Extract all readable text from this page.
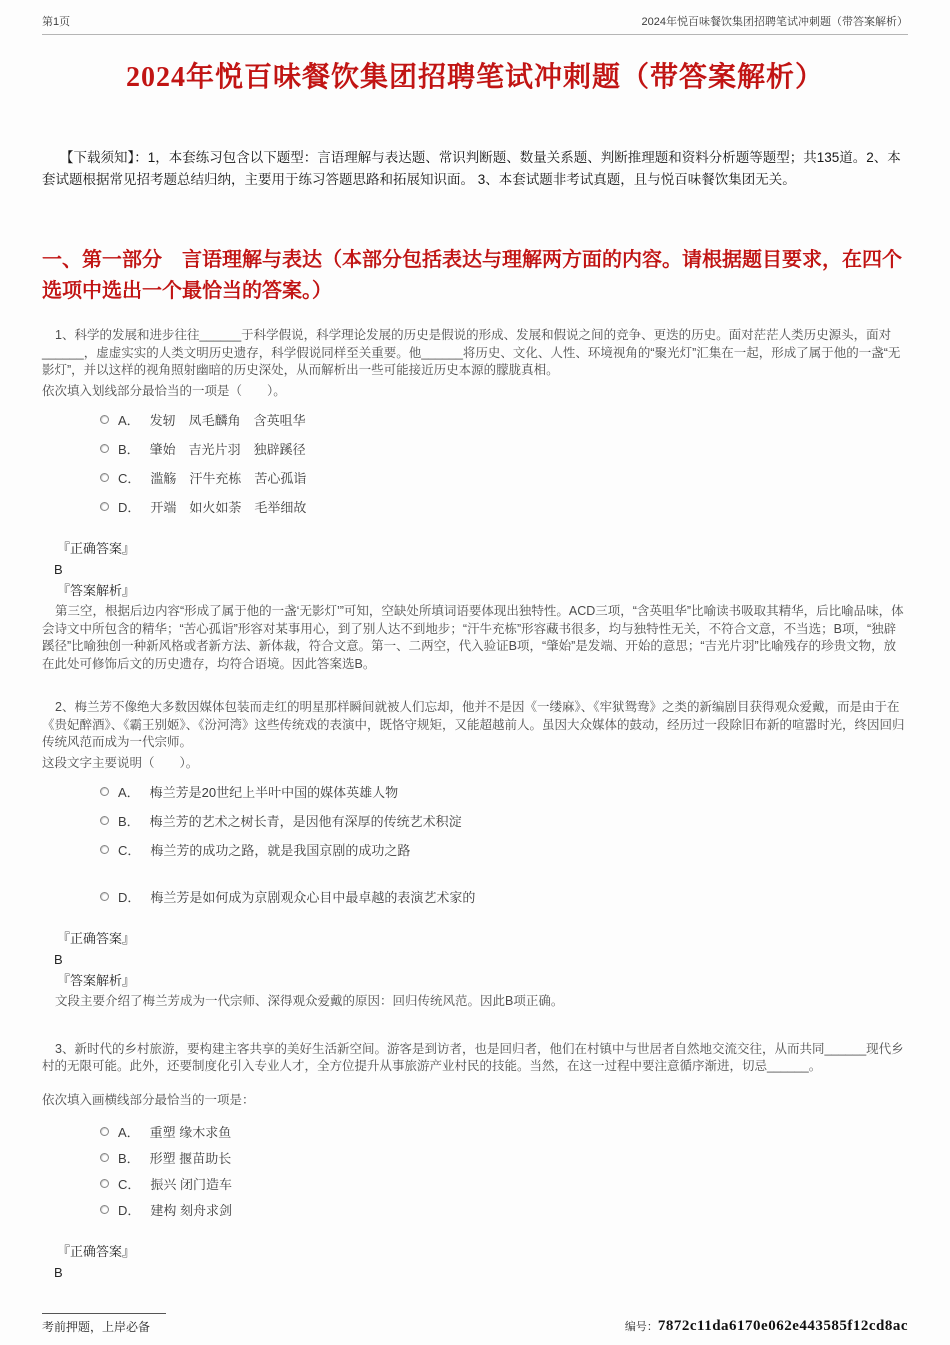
第1页	2024年悦百味餐饮集团招聘笔试冲刺题（带答案解析）
2024年悦百味餐饮集团招聘笔试冲刺题（带答案解析）

【下载须知】：1，本套练习包含以下题型：言语理解与表达题、常识判断题、数量关系题、判断推理题和资料分析题等题型；共135道。2、本套试题根据常见招考题总结归纳，主要用于练习答题思路和拓展知识面。 3、本套试题非考试真题，且与悦百味餐饮集团无关。

一、第一部分　言语理解与表达（本部分包括表达与理解两方面的内容。请根据题目要求，在四个选项中选出一个最恰当的答案。）

1、科学的发展和进步往往______于科学假说，科学理论发展的历史是假说的形成、发展和假说之间的竞争、更迭的历史。面对茫茫人类历史源头，面对______，虚虚实实的人类文明历史遗存，科学假说同样至关重要。他______将历史、文化、人性、环境视角的“聚光灯”汇集在一起，形成了属于他的一盏“无影灯”，并以这样的视角照射幽暗的历史深处，从而解析出一些可能接近历史本源的朦胧真相。

依次填入划线部分最恰当的一项是（　　）。

A． 发轫　凤毛麟角　含英咀华
B． 肇始　吉光片羽　独辟蹊径
C． 滥觞　汗牛充栋　苦心孤诣
D． 开端　如火如荼　毛举细故

『正确答案』

B

『答案解析』

第三空，根据后边内容“形成了属于他的一盏‘无影灯’”可知，空缺处所填词语要体现出独特性。ACD三项，“含英咀华”比喻读书吸取其精华，后比喻品味，体会诗文中所包含的精华；“苦心孤诣”形容对某事用心，到了别人达不到地步；“汗牛充栋”形容藏书很多，均与独特性无关，不符合文意，不当选；B项，“独辟蹊径”比喻独创一种新风格或者新方法、新体裁，符合文意。第一、二两空，代入验证B项，“肇始”是发端、开始的意思；“吉光片羽”比喻残存的珍贵文物，放在此处可修饰后文的历史遗存，均符合语境。因此答案选B。

2、梅兰芳不像绝大多数因媒体包装而走红的明星那样瞬间就被人们忘却，他并不是因《一缕麻》、《牢狱鸳鸯》之类的新编剧目获得观众爱戴，而是由于在《贵妃醉酒》、《霸王别姬》、《汾河湾》这些传统戏的表演中，既恪守规矩，又能超越前人。虽因大众媒体的鼓动，经历过一段除旧布新的喧嚣时光，终因回归传统风范而成为一代宗师。

这段文字主要说明（　　）。

A． 梅兰芳是20世纪上半叶中国的媒体英雄人物
B． 梅兰芳的艺术之树长青，是因他有深厚的传统艺术积淀
C． 梅兰芳的成功之路，就是我国京剧的成功之路
D． 梅兰芳是如何成为京剧观众心目中最卓越的表演艺术家的

『正确答案』

B

『答案解析』

文段主要介绍了梅兰芳成为一代宗师、深得观众爱戴的原因：回归传统风范。因此B项正确。

3、新时代的乡村旅游，要构建主客共享的美好生活新空间。游客是到访者，也是回归者，他们在村镇中与世居者自然地交流交往，从而共同______现代乡村的无限可能。此外，还要制度化引入专业人才，全方位提升从事旅游产业村民的技能。当然，在这一过程中要注意循序渐进，切忌______。

依次填入画横线部分最恰当的一项是：

A． 重塑 缘木求鱼
B． 形塑 揠苗助长
C． 振兴 闭门造车
D． 建构 刻舟求剑

『正确答案』

B

考前押题，上岸必备	编号：7872c11da6170e062e443585f12cd8ac
